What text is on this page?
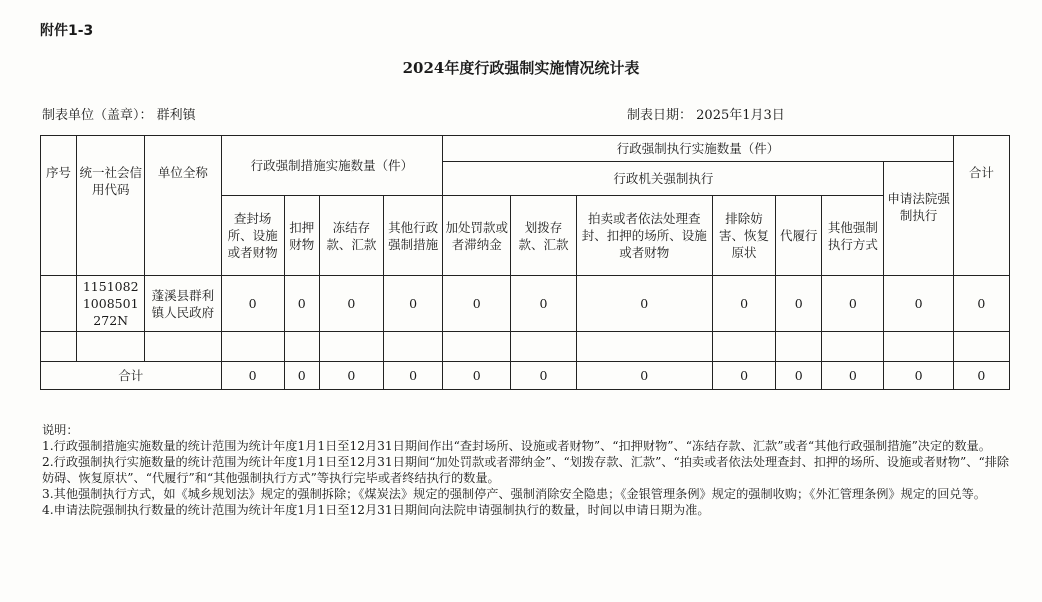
附件1-3
2024年度行政强制实施情况统计表
制表单位（盖章）： 群利镇	制表日期： 2025年1月3日
序号	统一社会信用代码	单位全称	行政强制措施实施数量（件）				行政强制执行实施数量（件）							合计
							行政机关强制执行						申请法院强制执行	
			查封场所、设施或者财物	扣押财物	冻结存款、汇款	其他行政强制措施	加处罚款或者滞纳金	划拨存款、汇款	拍卖或者依法处理查封、扣押的场所、设施或者财物	排除妨害、恢复原状	代履行	其他强制执行方式		
	11510821008501272N	蓬溪县群利镇人民政府	0	0	0	0	0	0	0	0	0	0	0	0

合计			0	0	0	0	0	0	0	0	0	0	0	0

说明：

1.行政强制措施实施数量的统计范围为统计年度1月1日至12月31日期间作出“查封场所、设施或者财物”、“扣押财物”、“冻结存款、汇款”或者“其他行政强制措施”决定的数量。

2.行政强制执行实施数量的统计范围为统计年度1月1日至12月31日期间“加处罚款或者滞纳金”、“划拨存款、汇款”、“拍卖或者依法处理查封、扣押的场所、设施或者财物”、“排除妨碍、恢复原状”、“代履行”和“其他强制执行方式”等执行完毕或者终结执行的数量。

3.其他强制执行方式，如《城乡规划法》规定的强制拆除；《煤炭法》规定的强制停产、强制消除安全隐患；《金银管理条例》规定的强制收购；《外汇管理条例》规定的回兑等。

4.申请法院强制执行数量的统计范围为统计年度1月1日至12月31日期间向法院申请强制执行的数量，时间以申请日期为准。
